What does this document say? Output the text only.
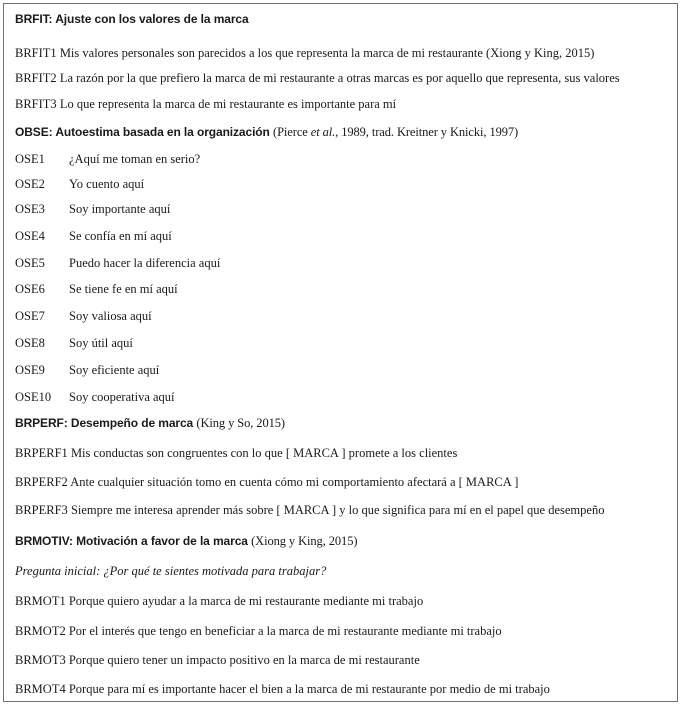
BRFIT: Ajuste con los valores de la marca
BRFIT1 Mis valores personales son parecidos a los que representa la marca de mi restaurante (Xiong y King, 2015)
BRFIT2 La razón por la que prefiero la marca de mi restaurante a otras marcas es por aquello que representa, sus valores
BRFIT3 Lo que representa la marca de mi restaurante es importante para mí
OBSE: Autoestima basada en la organización (Pierce et al., 1989, trad. Kreitner y Knicki, 1997)
OSE1 ¿Aquí me toman en serio?
OSE2 Yo cuento aquí
OSE3 Soy importante aquí
OSE4 Se confía en mí aquí
OSE5 Puedo hacer la diferencia aquí
OSE6 Se tiene fe en mí aquí
OSE7 Soy valiosa aquí
OSE8 Soy útil aquí
OSE9 Soy eficiente aquí
OSE10 Soy cooperativa aquí
BRPERF: Desempeño de marca (King y So, 2015)
BRPERF1 Mis conductas son congruentes con lo que [ MARCA ] promete a los clientes
BRPERF2 Ante cualquier situación tomo en cuenta cómo mi comportamiento afectará a [ MARCA ]
BRPERF3 Siempre me interesa aprender más sobre [ MARCA ] y lo que significa para mí en el papel que desempeño
BRMOTIV: Motivación a favor de la marca (Xiong y King, 2015)
Pregunta inicial: ¿Por qué te sientes motivada para trabajar?
BRMOT1 Porque quiero ayudar a la marca de mi restaurante mediante mi trabajo
BRMOT2 Por el interés que tengo en beneficiar a la marca de mi restaurante mediante mi trabajo
BRMOT3 Porque quiero tener un impacto positivo en la marca de mi restaurante
BRMOT4 Porque para mí es importante hacer el bien a la marca de mi restaurante por medio de mi trabajo
